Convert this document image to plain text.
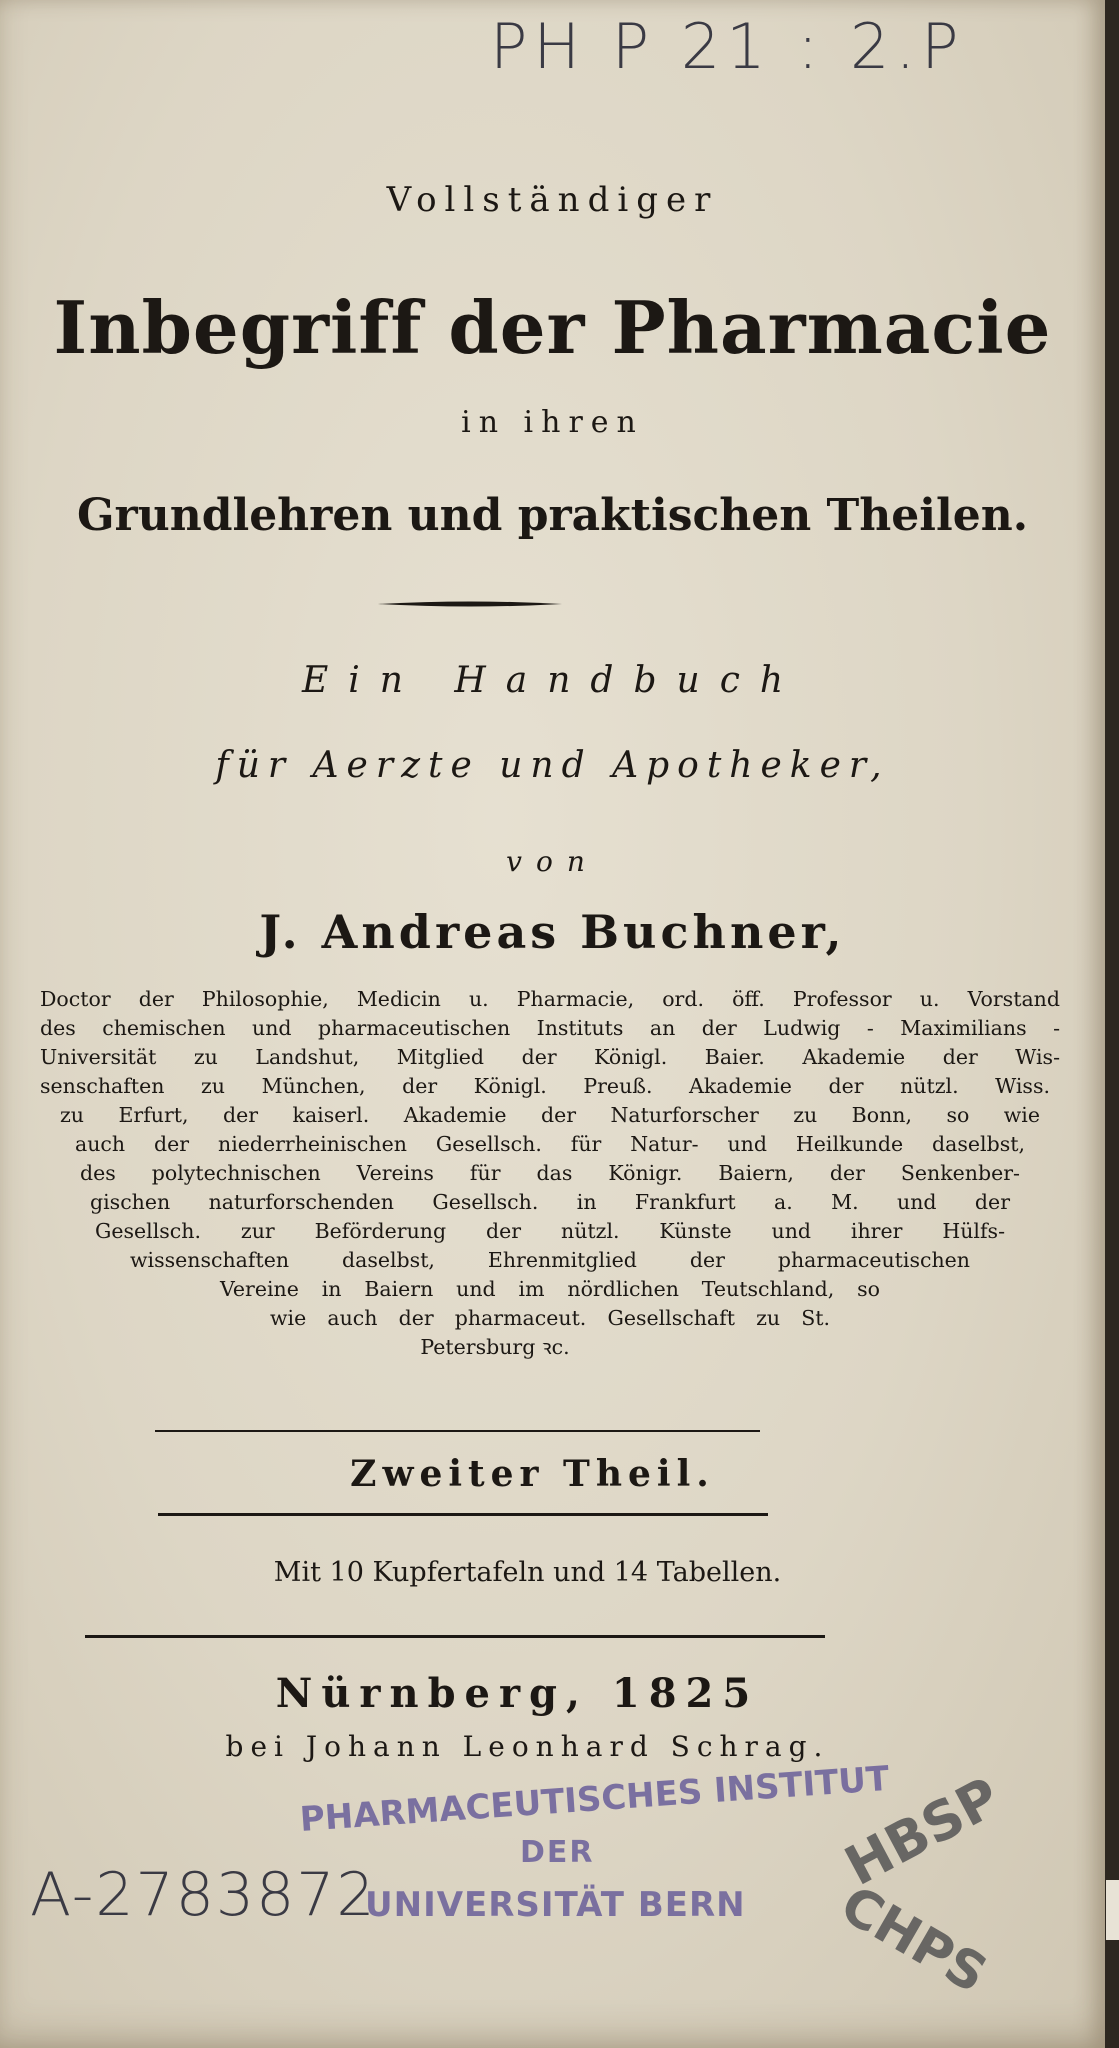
PH P 21 : 2.P
Vollständiger
Inbegriff der Pharmacie
in ihren
Grundlehren und praktischen Theilen.
Ein Handbuch
für Aerzte und Apotheker,
von
J. Andreas Buchner,
Doctor der Philosophie, Medicin u. Pharmacie, ord. öff. Professor u. Vorstand
des chemischen und pharmaceutischen Instituts an der Ludwig - Maximilians -
Universität zu Landshut, Mitglied der Königl. Baier. Akademie der Wis-
senschaften zu München, der Königl. Preuß. Akademie der nützl. Wiss.
zu Erfurt, der kaiserl. Akademie der Naturforscher zu Bonn, so wie
auch der niederrheinischen Gesellsch. für Natur- und Heilkunde daselbst,
des polytechnischen Vereins für das Königr. Baiern, der Senkenber-
gischen naturforschenden Gesellsch. in Frankfurt a. M. und der
Gesellsch. zur Beförderung der nützl. Künste und ihrer Hülfs-
wissenschaften daselbst, Ehrenmitglied der pharmaceutischen
Vereine in Baiern und im nördlichen Teutschland, so
wie auch der pharmaceut. Gesellschaft zu St.
Petersburg ꝛc.
Zweiter Theil.
Mit 10 Kupfertafeln und 14 Tabellen.
Nürnberg, 1825
bei Johann Leonhard Schrag.
PHARMACEUTISCHES INSTITUT
DER
UNIVERSITÄT BERN
HBSP
CHPS
A-2783872
